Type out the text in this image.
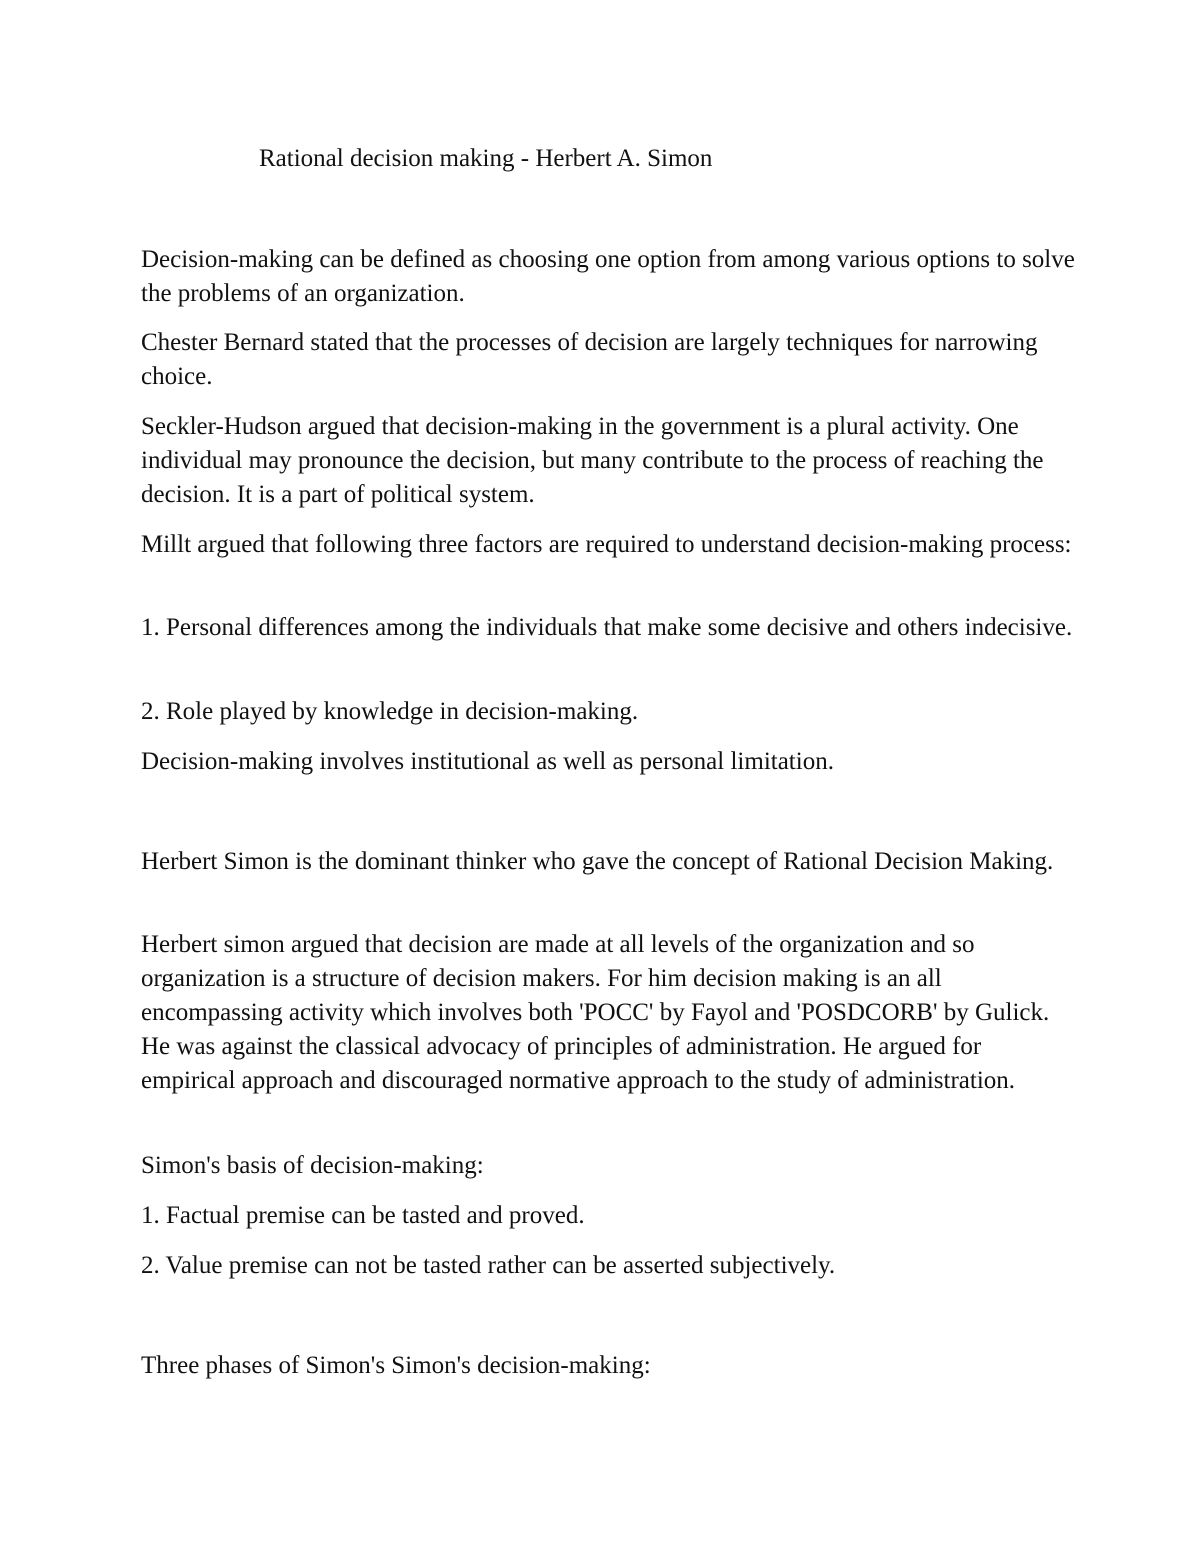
Rational decision making - Herbert A. Simon

Decision-making can be defined as choosing one option from among various options to solve the problems of an organization.

Chester Bernard stated that the processes of decision are largely techniques for narrowing choice.

Seckler-Hudson argued that decision-making in the government is a plural activity. One individual may pronounce the decision, but many contribute to the process of reaching the decision. It is a part of political system.

Millt argued that following three factors are required to understand decision-making process:

1. Personal differences among the individuals that make some decisive and others indecisive.

2. Role played by knowledge in decision-making.

Decision-making involves institutional as well as personal limitation.

Herbert Simon is the dominant thinker who gave the concept of Rational Decision Making.

Herbert simon argued that decision are made at all levels of the organization and so organization is a structure of decision makers. For him decision making is an all encompassing activity which involves both 'POCC' by Fayol and 'POSDCORB' by Gulick. He was against the classical advocacy of principles of administration. He argued for empirical approach and discouraged normative approach to the study of administration.

Simon's basis of decision-making:

1. Factual premise can be tasted and proved.

2. Value premise can not be tasted rather can be asserted subjectively.

Three phases of Simon's Simon's decision-making:
